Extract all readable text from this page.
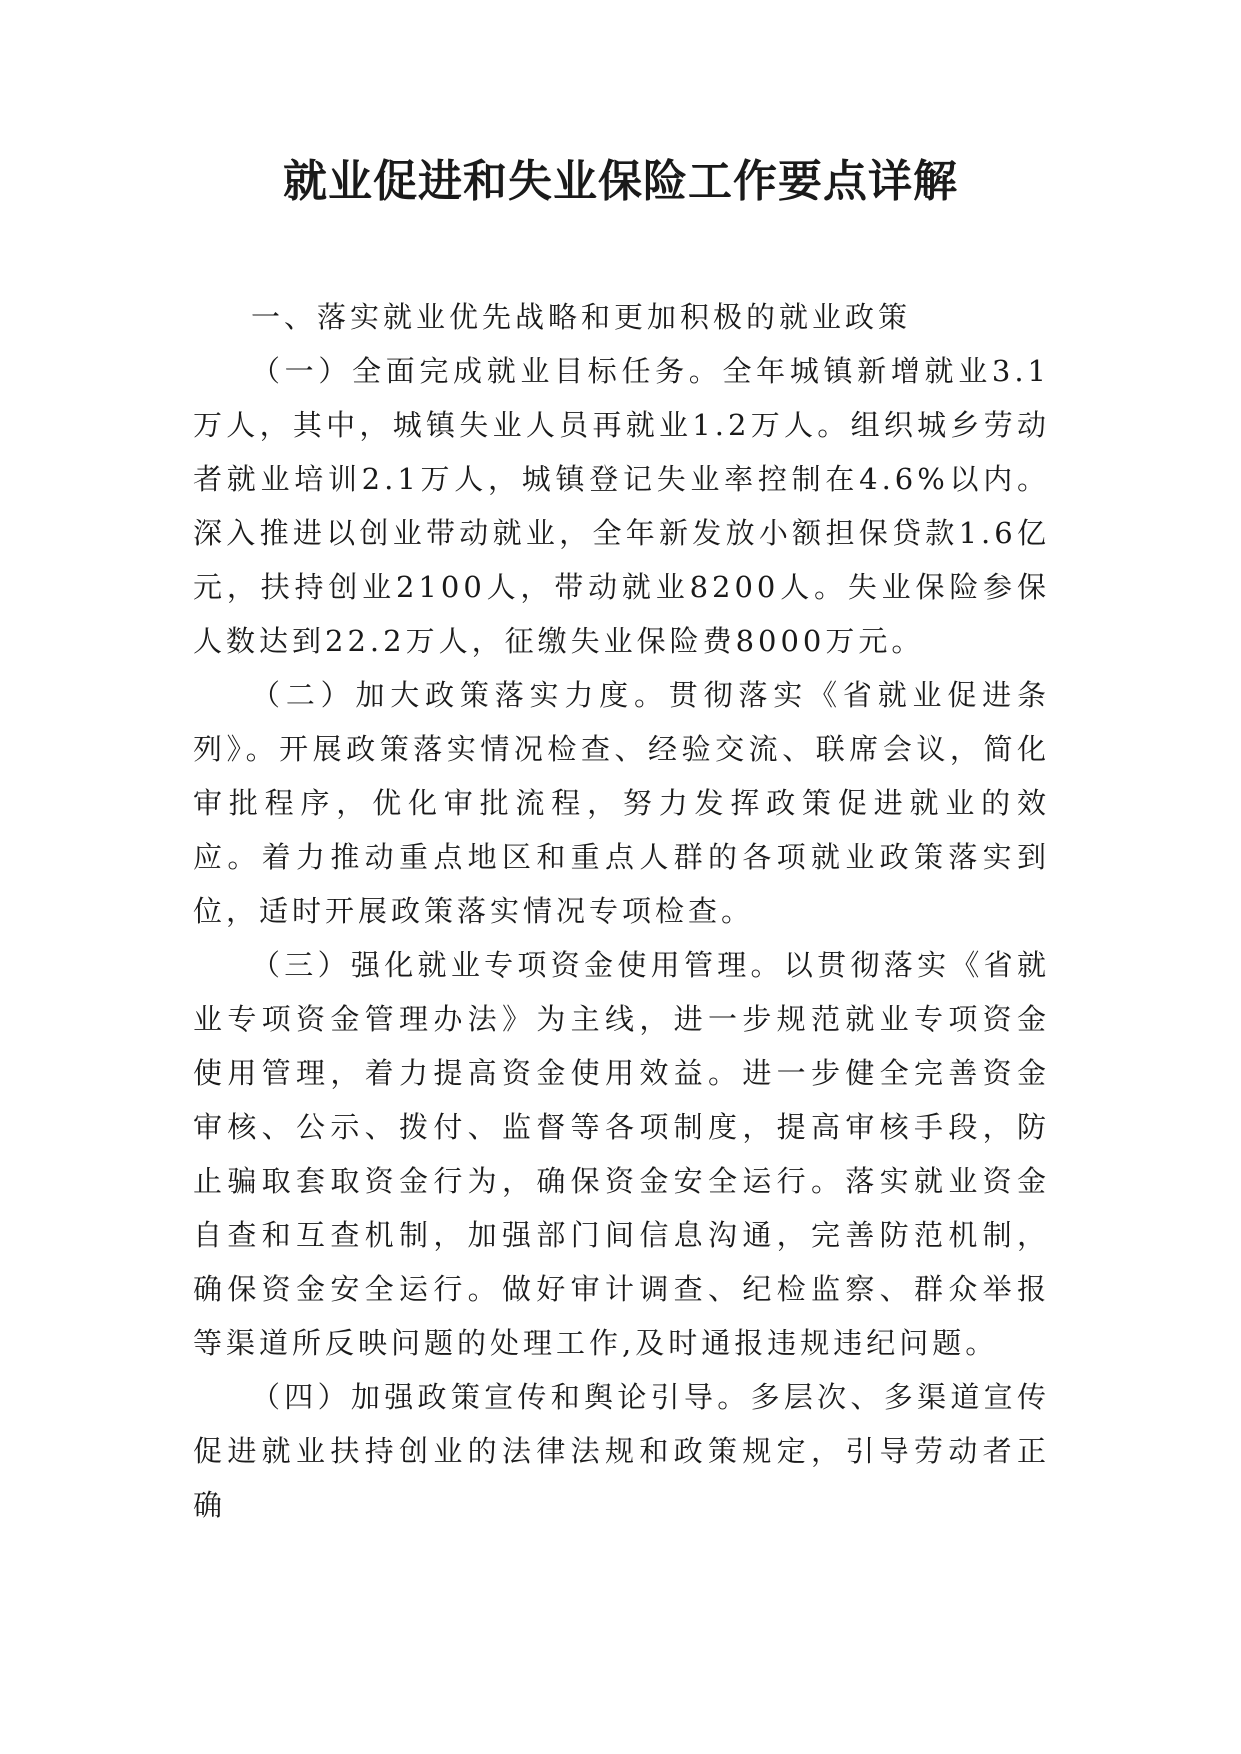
就业促进和失业保险工作要点详解

一、落实就业优先战略和更加积极的就业政策

（一）全面完成就业目标任务。全年城镇新增就业3.1万人，其中，城镇失业人员再就业1.2万人。组织城乡劳动者就业培训2.1万人，城镇登记失业率控制在4.6%以内。深入推进以创业带动就业，全年新发放小额担保贷款1.6亿元，扶持创业2100人，带动就业8200人。失业保险参保人数达到22.2万人，征缴失业保险费8000万元。

（二）加大政策落实力度。贯彻落实《省就业促进条列》。开展政策落实情况检查、经验交流、联席会议，简化审批程序，优化审批流程，努力发挥政策促进就业的效应。着力推动重点地区和重点人群的各项就业政策落实到位，适时开展政策落实情况专项检查。

（三）强化就业专项资金使用管理。以贯彻落实《省就业专项资金管理办法》为主线，进一步规范就业专项资金使用管理，着力提高资金使用效益。进一步健全完善资金审核、公示、拨付、监督等各项制度，提高审核手段，防止骗取套取资金行为，确保资金安全运行。落实就业资金自查和互查机制，加强部门间信息沟通，完善防范机制，确保资金安全运行。做好审计调查、纪检监察、群众举报等渠道所反映问题的处理工作,及时通报违规违纪问题。

（四）加强政策宣传和舆论引导。多层次、多渠道宣传促进就业扶持创业的法律法规和政策规定，引导劳动者正确
